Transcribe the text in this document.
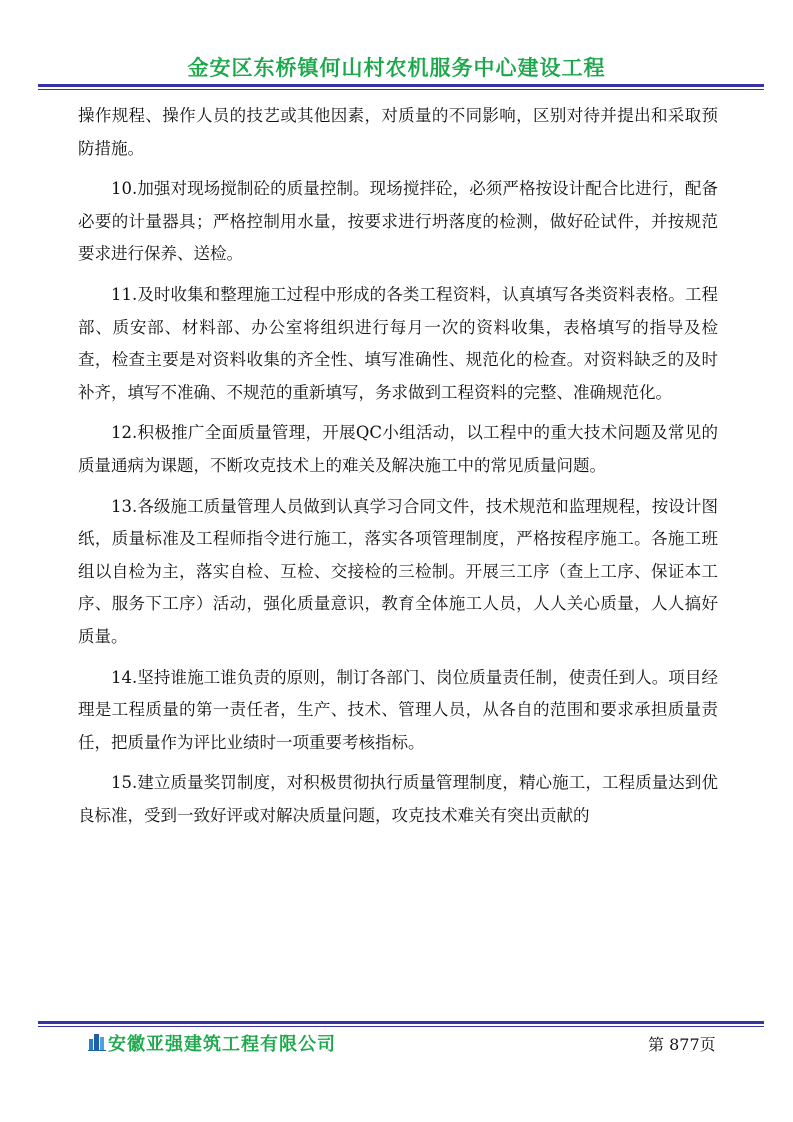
金安区东桥镇何山村农机服务中心建设工程

操作规程、操作人员的技艺或其他因素，对质量的不同影响，区别对待并提出和采取预防措施。

10.加强对现场搅制砼的质量控制。现场搅拌砼，必须严格按设计配合比进行，配备必要的计量器具；严格控制用水量，按要求进行坍落度的检测，做好砼试件，并按规范要求进行保养、送检。

11.及时收集和整理施工过程中形成的各类工程资料，认真填写各类资料表格。工程部、质安部、材料部、办公室将组织进行每月一次的资料收集，表格填写的指导及检查，检查主要是对资料收集的齐全性、填写准确性、规范化的检查。对资料缺乏的及时补齐，填写不准确、不规范的重新填写，务求做到工程资料的完整、准确规范化。

12.积极推广全面质量管理，开展QC小组活动，以工程中的重大技术问题及常见的质量通病为课题，不断攻克技术上的难关及解决施工中的常见质量问题。

13.各级施工质量管理人员做到认真学习合同文件，技术规范和监理规程，按设计图纸，质量标准及工程师指令进行施工，落实各项管理制度，严格按程序施工。各施工班组以自检为主，落实自检、互检、交接检的三检制。开展三工序（查上工序、保证本工序、服务下工序）活动，强化质量意识，教育全体施工人员，人人关心质量，人人搞好质量。

14.坚持谁施工谁负责的原则，制订各部门、岗位质量责任制，使责任到人。项目经理是工程质量的第一责任者，生产、技术、管理人员，从各自的范围和要求承担质量责任，把质量作为评比业绩时一项重要考核指标。

15.建立质量奖罚制度，对积极贯彻执行质量管理制度，精心施工，工程质量达到优良标准，受到一致好评或对解决质量问题，攻克技术难关有突出贡献的

安徽亚强建筑工程有限公司	第 877页
